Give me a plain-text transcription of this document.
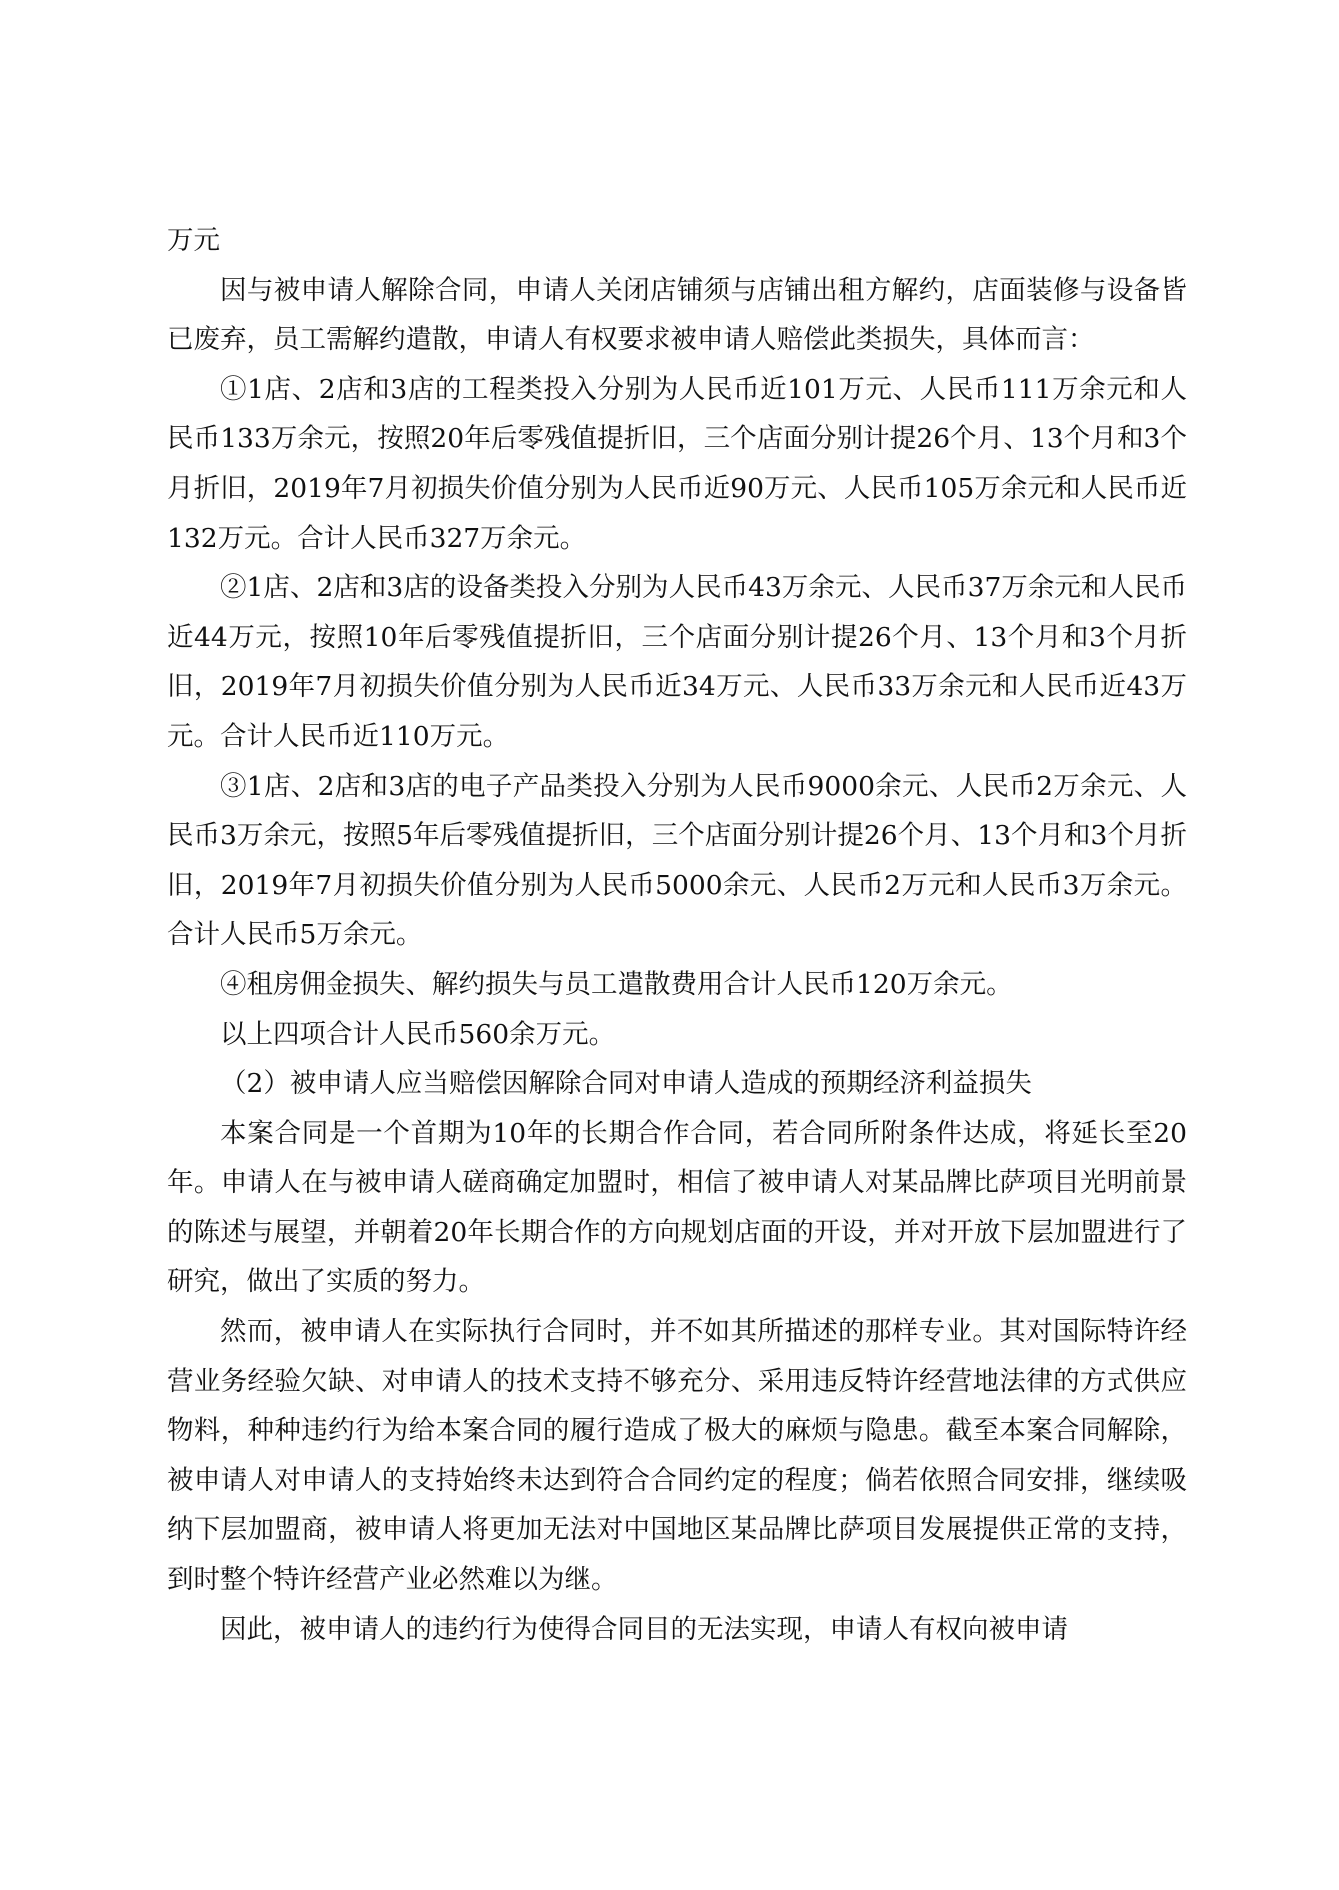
万元

因与被申请人解除合同，申请人关闭店铺须与店铺出租方解约，店面装修与设备皆已废弃，员工需解约遣散，申请人有权要求被申请人赔偿此类损失，具体而言：

①1店、2店和3店的工程类投入分别为人民币近101万元、人民币111万余元和人民币133万余元，按照20年后零残值提折旧，三个店面分别计提26个月、13个月和3个月折旧，2019年7月初损失价值分别为人民币近90万元、人民币105万余元和人民币近132万元。合计人民币327万余元。

②1店、2店和3店的设备类投入分别为人民币43万余元、人民币37万余元和人民币近44万元，按照10年后零残值提折旧，三个店面分别计提26个月、13个月和3个月折旧，2019年7月初损失价值分别为人民币近34万元、人民币33万余元和人民币近43万元。合计人民币近110万元。

③1店、2店和3店的电子产品类投入分别为人民币9000余元、人民币2万余元、人民币3万余元，按照5年后零残值提折旧，三个店面分别计提26个月、13个月和3个月折旧，2019年7月初损失价值分别为人民币5000余元、人民币2万元和人民币3万余元。合计人民币5万余元。

④租房佣金损失、解约损失与员工遣散费用合计人民币120万余元。

以上四项合计人民币560余万元。

（2）被申请人应当赔偿因解除合同对申请人造成的预期经济利益损失

本案合同是一个首期为10年的长期合作合同，若合同所附条件达成，将延长至20年。申请人在与被申请人磋商确定加盟时，相信了被申请人对某品牌比萨项目光明前景的陈述与展望，并朝着20年长期合作的方向规划店面的开设，并对开放下层加盟进行了研究，做出了实质的努力。

然而，被申请人在实际执行合同时，并不如其所描述的那样专业。其对国际特许经营业务经验欠缺、对申请人的技术支持不够充分、采用违反特许经营地法律的方式供应物料，种种违约行为给本案合同的履行造成了极大的麻烦与隐患。截至本案合同解除，被申请人对申请人的支持始终未达到符合合同约定的程度；倘若依照合同安排，继续吸纳下层加盟商，被申请人将更加无法对中国地区某品牌比萨项目发展提供正常的支持，到时整个特许经营产业必然难以为继。

因此，被申请人的违约行为使得合同目的无法实现，申请人有权向被申请
